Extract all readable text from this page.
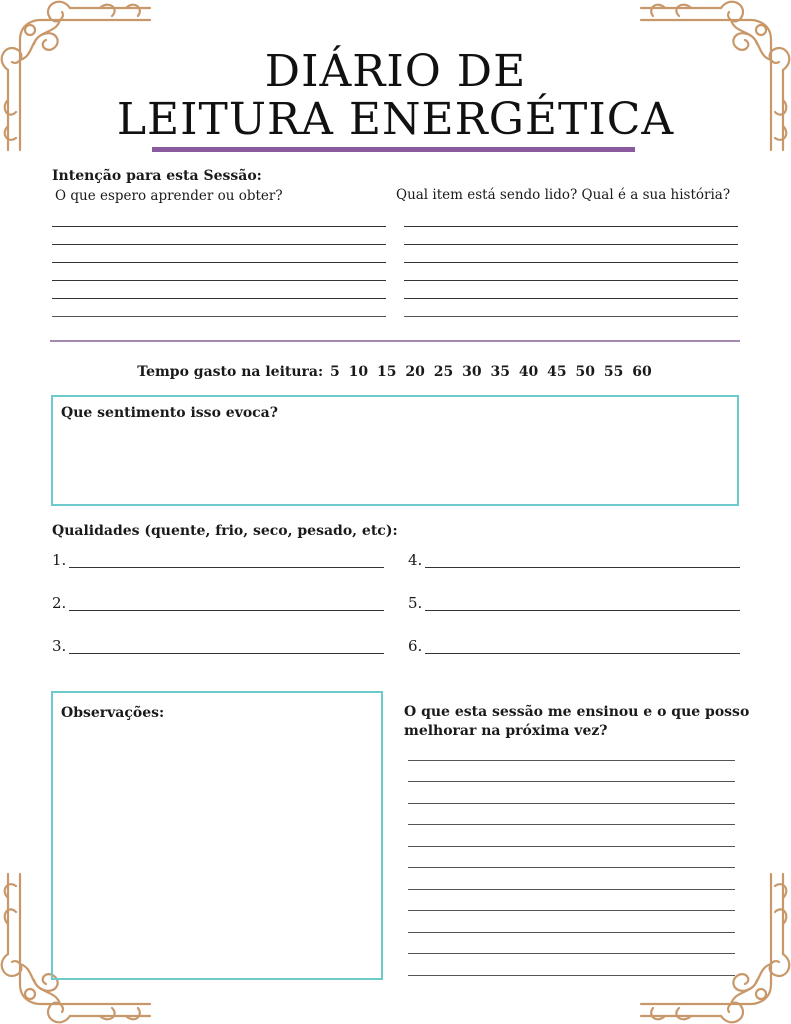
DIÁRIO DE
LEITURA ENERGÉTICA
Intenção para esta Sessão:
O que espero aprender ou obter?	Qual item está sendo lido? Qual é a sua história?
Tempo gasto na leitura: 5 10 15 20 25 30 35 40 45 50 55 60
Que sentimento isso evoca?
Qualidades (quente, frio, seco, pesado, etc):
1.
2.
3.
4.
5.
6.
Observações:	O que esta sessão me ensinou e o que posso
melhorar na próxima vez?
